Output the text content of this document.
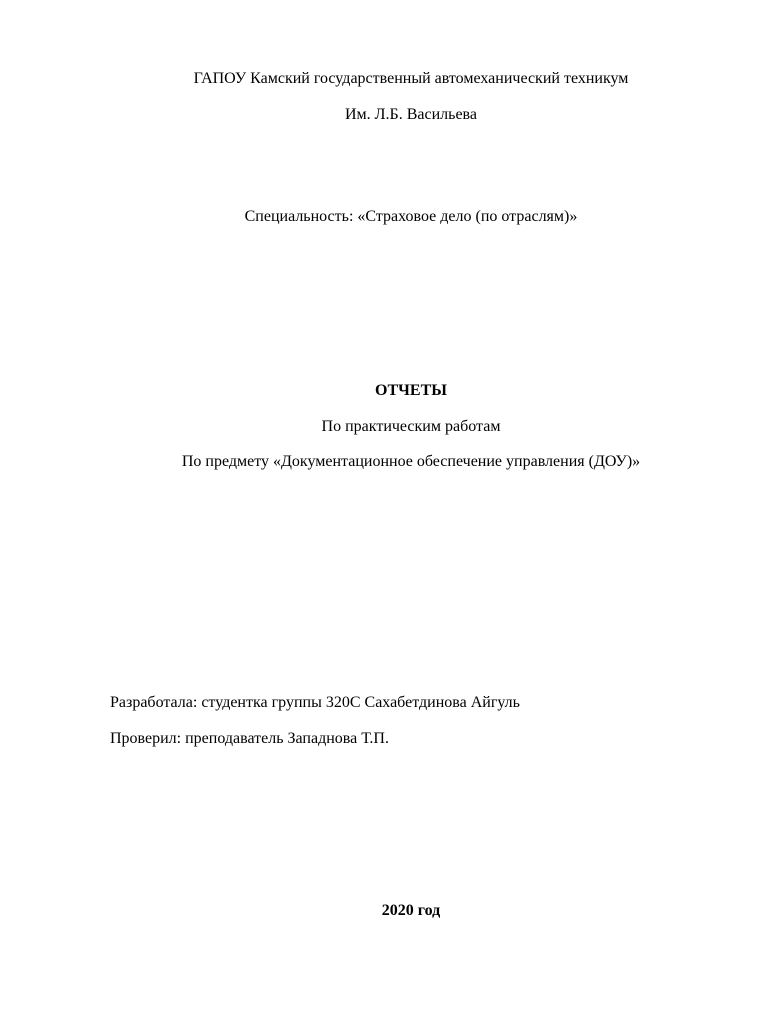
ГАПОУ Камский государственный автомеханический техникум
Им. Л.Б. Васильева
Специальность: «Страховое дело (по отраслям)»
ОТЧЕТЫ
По практическим работам
По предмету «Документационное обеспечение управления (ДОУ)»
Разработала: студентка группы 320С Сахабетдинова Айгуль
Проверил: преподаватель Западнова Т.П.
2020 год
